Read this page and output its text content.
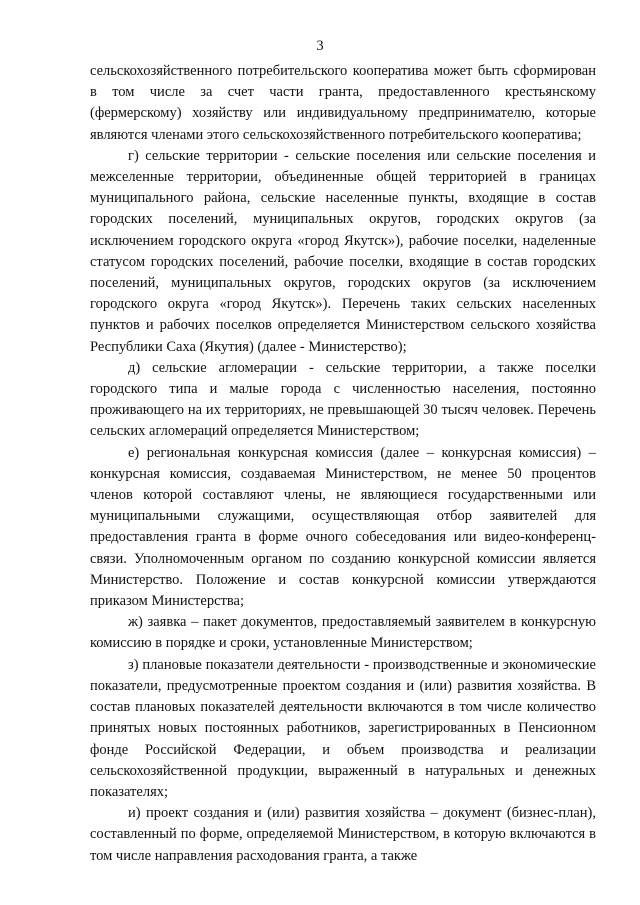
3

сельскохозяйственного потребительского кооператива может быть сформирован в том числе за счет части гранта, предоставленного крестьянскому (фермерскому) хозяйству или индивидуальному предпринимателю, которые являются членами этого сельскохозяйственного потребительского кооператива;

г) сельские территории - сельские поселения или сельские поселения и межселенные территории, объединенные общей территорией в границах муниципального района, сельские населенные пункты, входящие в состав городских поселений, муниципальных округов, городских округов (за исключением городского округа «город Якутск»), рабочие поселки, наделенные статусом городских поселений, рабочие поселки, входящие в состав городских поселений, муниципальных округов, городских округов (за исключением городского округа «город Якутск»). Перечень таких сельских населенных пунктов и рабочих поселков определяется Министерством сельского хозяйства Республики Саха (Якутия) (далее - Министерство);

д) сельские агломерации - сельские территории, а также поселки городского типа и малые города с численностью населения, постоянно проживающего на их территориях, не превышающей 30 тысяч человек. Перечень сельских агломераций определяется Министерством;

е) региональная конкурсная комиссия (далее – конкурсная комиссия) – конкурсная комиссия, создаваемая Министерством, не менее 50 процентов членов которой составляют члены, не являющиеся государственными или муниципальными служащими, осуществляющая отбор заявителей для предоставления гранта в форме очного собеседования или видео-конференц-связи. Уполномоченным органом по созданию конкурсной комиссии является Министерство. Положение и состав конкурсной комиссии утверждаются приказом Министерства;

ж) заявка – пакет документов, предоставляемый заявителем в конкурсную комиссию в порядке и сроки, установленные Министерством;

з) плановые показатели деятельности - производственные и экономические показатели, предусмотренные проектом создания и (или) развития хозяйства. В состав плановых показателей деятельности включаются в том числе количество принятых новых постоянных работников, зарегистрированных в Пенсионном фонде Российской Федерации, и объем производства и реализации сельскохозяйственной продукции, выраженный в натуральных и денежных показателях;

и) проект создания и (или) развития хозяйства – документ (бизнес-план), составленный по форме, определяемой Министерством, в которую включаются в том числе направления расходования гранта, а также
